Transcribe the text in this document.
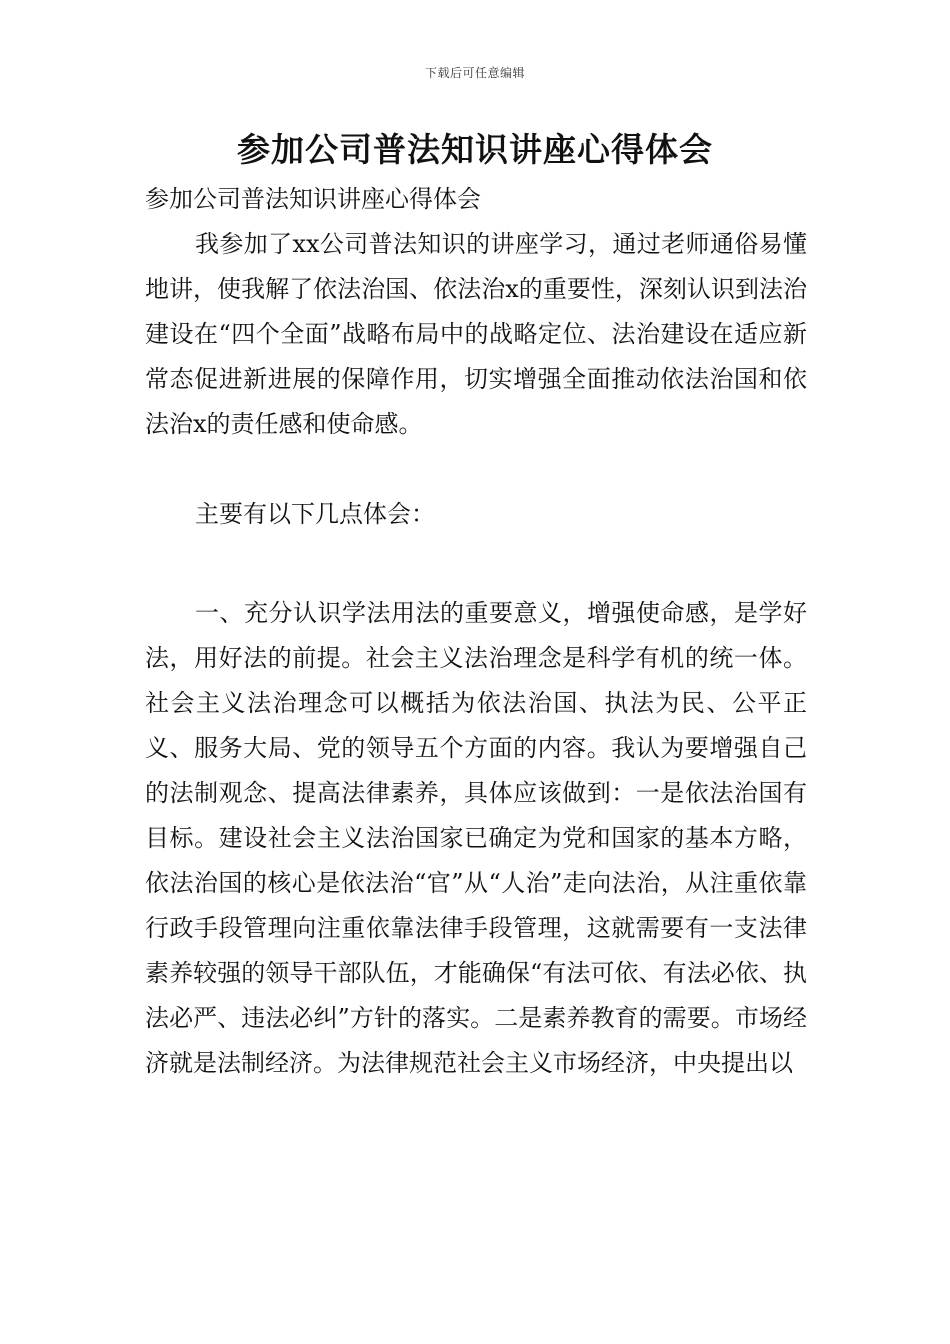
下载后可任意编辑
参加公司普法知识讲座心得体会

参加公司普法知识讲座心得体会

我参加了xx公司普法知识的讲座学习，通过老师通俗易懂地讲，使我解了依法治国、依法治x的重要性，深刻认识到法治建设在“四个全面”战略布局中的战略定位、法治建设在适应新常态促进新进展的保障作用，切实增强全面推动依法治国和依法治x的责任感和使命感。

主要有以下几点体会：

一、充分认识学法用法的重要意义，增强使命感，是学好法，用好法的前提。社会主义法治理念是科学有机的统一体。社会主义法治理念可以概括为依法治国、执法为民、公平正义、服务大局、党的领导五个方面的内容。我认为要增强自己的法制观念、提高法律素养，具体应该做到：一是依法治国有目标。建设社会主义法治国家已确定为党和国家的基本方略，依法治国的核心是依法治“官”从“人治”走向法治，从注重依靠行政手段管理向注重依靠法律手段管理，这就需要有一支法律素养较强的领导干部队伍，才能确保“有法可依、有法必依、执法必严、违法必纠”方针的落实。二是素养教育的需要。市场经济就是法制经济。为法律规范社会主义市场经济，中央提出以
